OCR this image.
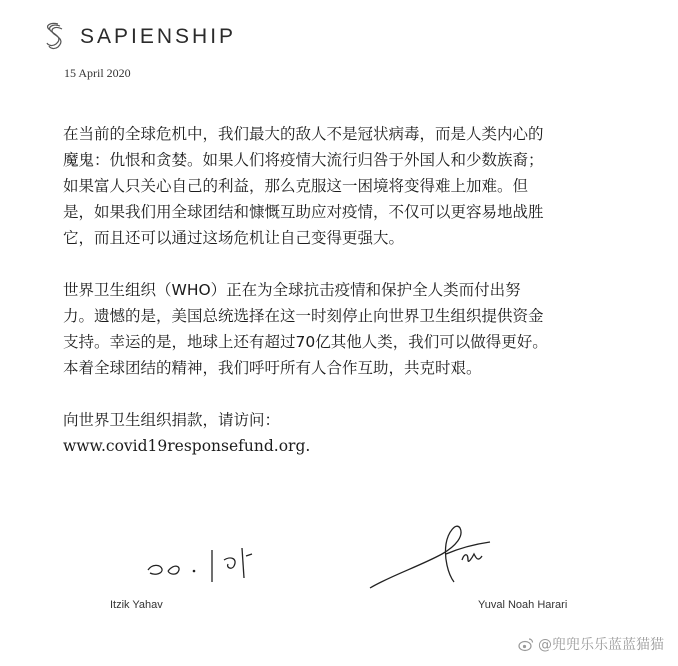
SAPIENSHIP
15 April 2020
在当前的全球危机中，我们最大的敌人不是冠状病毒，而是人类内心的
魔鬼：仇恨和贪婪。如果人们将疫情大流行归咎于外国人和少数族裔；
如果富人只关心自己的利益，那么克服这一困境将变得难上加难。但
是，如果我们用全球团结和慷慨互助应对疫情，不仅可以更容易地战胜
它，而且还可以通过这场危机让自己变得更强大。
世界卫生组织（WHO）正在为全球抗击疫情和保护全人类而付出努
力。遗憾的是，美国总统选择在这一时刻停止向世界卫生组织提供资金
支持。幸运的是，地球上还有超过70亿其他人类，我们可以做得更好。
本着全球团结的精神，我们呼吁所有人合作互助，共克时艰。
向世界卫生组织捐款，请访问：
www.covid19responsefund.org.
Itzik Yahav	Yuval Noah Harari
@兜兜乐乐蓝蓝猫猫
